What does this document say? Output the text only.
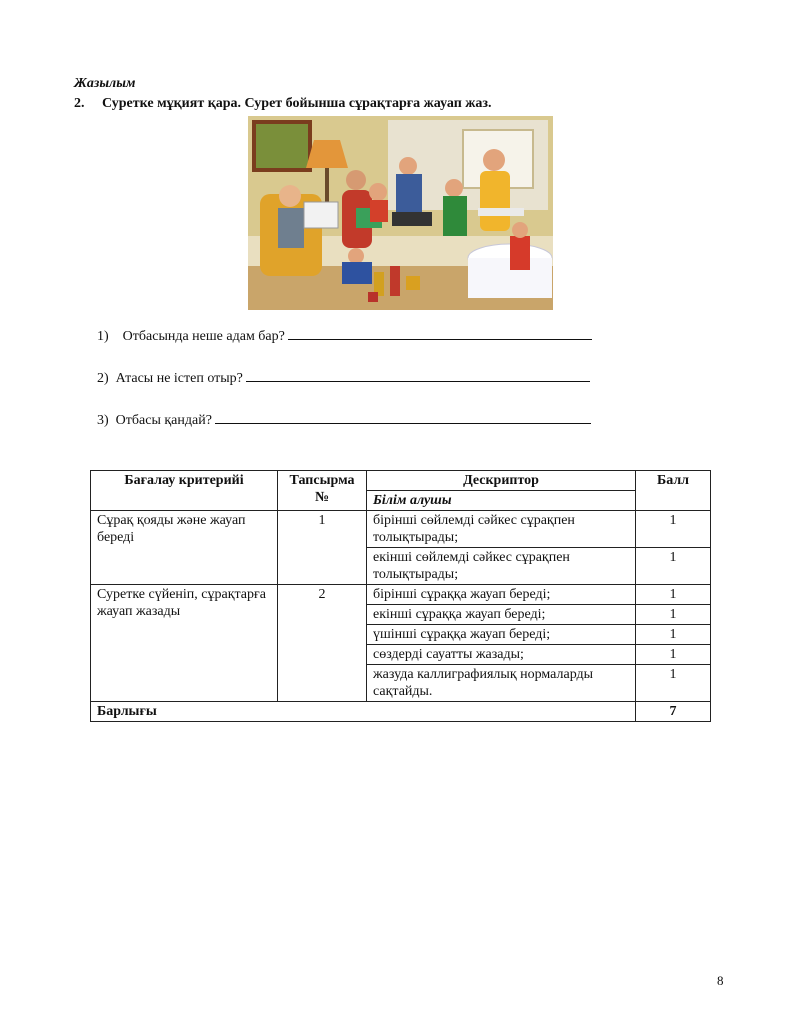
Жазылым
2. Суретке мұқият қара. Сурет бойынша сұрақтарға жауап жаз.
1) Отбасында неше адам бар?
2) Атасы не істеп отыр?
3) Отбасы қандай?
Бағалау критерийі	Тапсырма №	Дескриптор	Балл
		Білім алушы	
Сұрақ қояды және жауап береді	1	бірінші сөйлемді сәйкес сұрақпен толықтырады;	1
		екінші сөйлемді сәйкес сұрақпен толықтырады;	1
Суретке сүйеніп, сұрақтарға жауап жазады	2	бірінші сұраққа жауап береді;	1
		екінші сұраққа жауап береді;	1
		үшінші сұраққа жауап береді;	1
		сөздерді сауатты жазады;	1
		жазуда каллиграфиялық нормаларды сақтайды.	1
Барлығы			7
8
